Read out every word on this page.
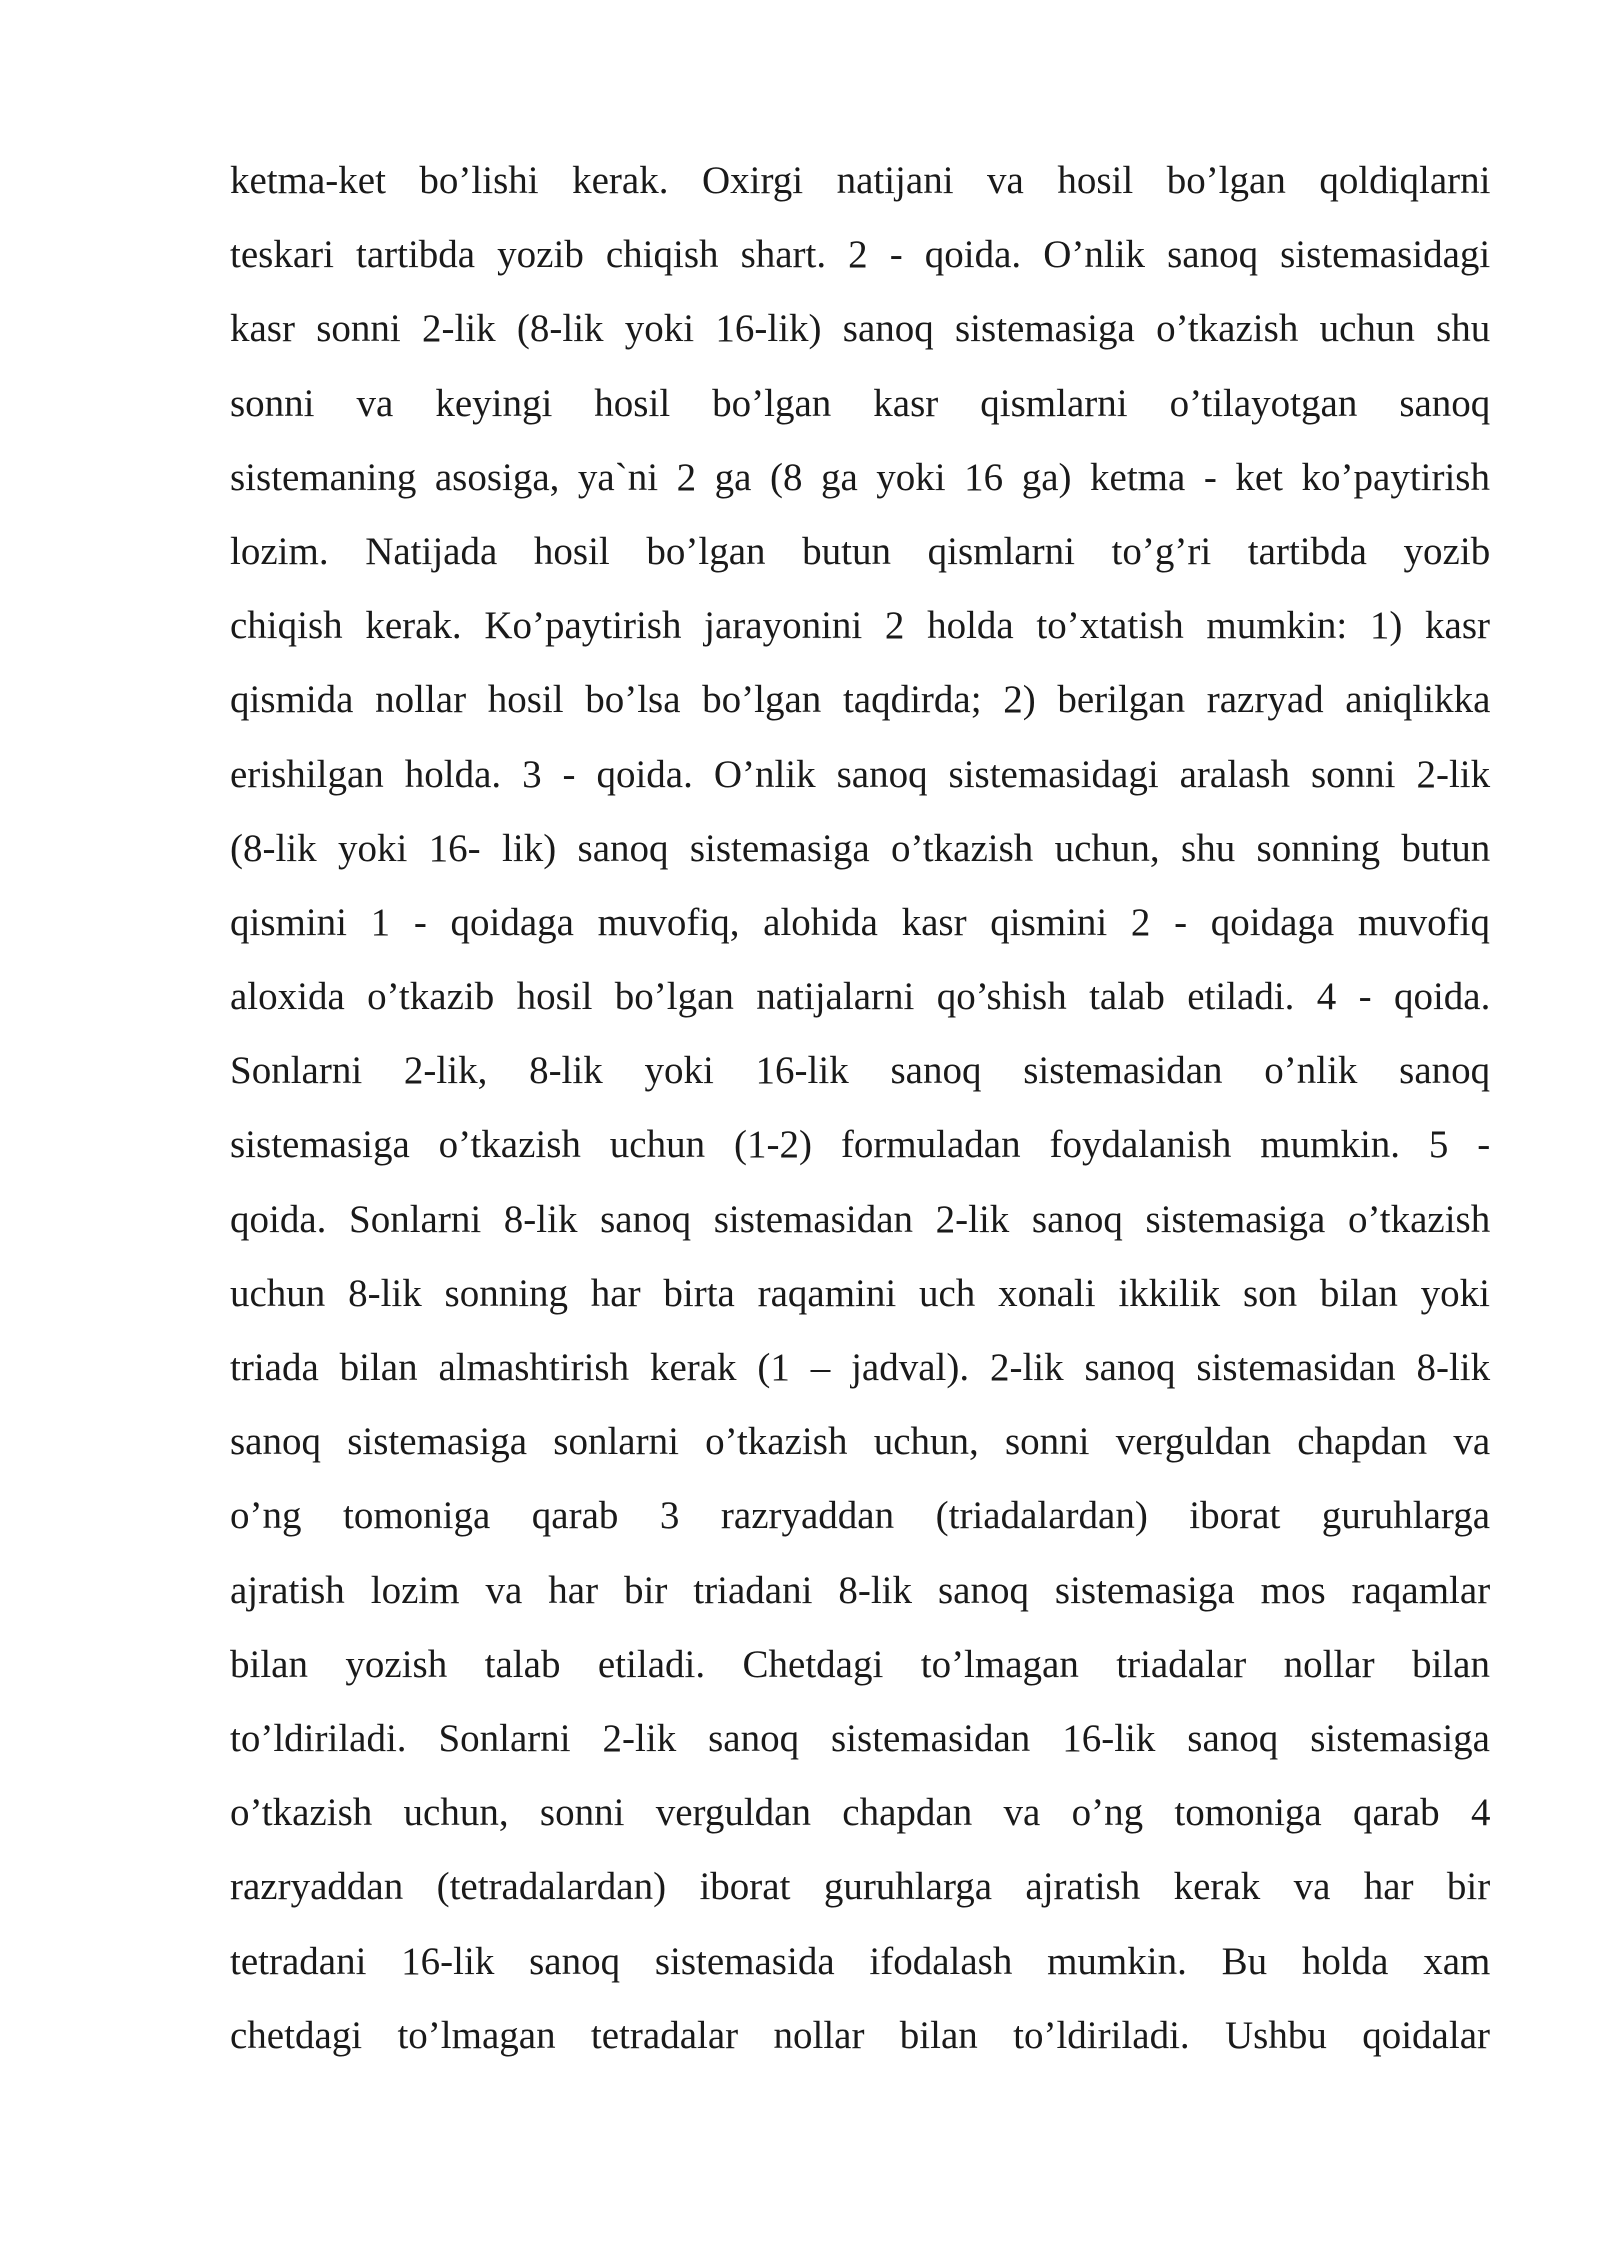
ketma-ket bo’lishi kerak. Oxirgi natijani va hosil bo’lgan qoldiqlarni
teskari tartibda yozib chiqish shart. 2 - qoida. O’nlik sanoq sistemasidagi
kasr sonni 2-lik (8-lik yoki 16-lik) sanoq sistemasiga o’tkazish uchun shu
sonni va keyingi hosil bo’lgan kasr qismlarni o’tilayotgan sanoq
sistemaning asosiga, ya`ni 2 ga (8 ga yoki 16 ga) ketma - ket ko’paytirish
lozim. Natijada hosil bo’lgan butun qismlarni to’g’ri tartibda yozib
chiqish kerak. Ko’paytirish jarayonini 2 holda to’xtatish mumkin: 1) kasr
qismida nollar hosil bo’lsa bo’lgan taqdirda; 2) berilgan razryad aniqlikka
erishilgan holda. 3 - qoida. O’nlik sanoq sistemasidagi aralash sonni 2-lik
(8-lik yoki 16- lik) sanoq sistemasiga o’tkazish uchun, shu sonning butun
qismini 1 - qoidaga muvofiq, alohida kasr qismini 2 - qoidaga muvofiq
aloxida o’tkazib hosil bo’lgan natijalarni qo’shish talab etiladi. 4 - qoida.
Sonlarni 2-lik, 8-lik yoki 16-lik sanoq sistemasidan o’nlik sanoq
sistemasiga o’tkazish uchun (1-2) formuladan foydalanish mumkin. 5 -
qoida. Sonlarni 8-lik sanoq sistemasidan 2-lik sanoq sistemasiga o’tkazish
uchun 8-lik sonning har birta raqamini uch xonali ikkilik son bilan yoki
triada bilan almashtirish kerak (1 – jadval). 2-lik sanoq sistemasidan 8-lik
sanoq sistemasiga sonlarni o’tkazish uchun, sonni verguldan chapdan va
o’ng tomoniga qarab 3 razryaddan (triadalardan) iborat guruhlarga
ajratish lozim va har bir triadani 8-lik sanoq sistemasiga mos raqamlar
bilan yozish talab etiladi. Chetdagi to’lmagan triadalar nollar bilan
to’ldiriladi. Sonlarni 2-lik sanoq sistemasidan 16-lik sanoq sistemasiga
o’tkazish uchun, sonni verguldan chapdan va o’ng tomoniga qarab 4
razryaddan (tetradalardan) iborat guruhlarga ajratish kerak va har bir
tetradani 16-lik sanoq sistemasida ifodalash mumkin. Bu holda xam
chetdagi to’lmagan tetradalar nollar bilan to’ldiriladi. Ushbu qoidalar
